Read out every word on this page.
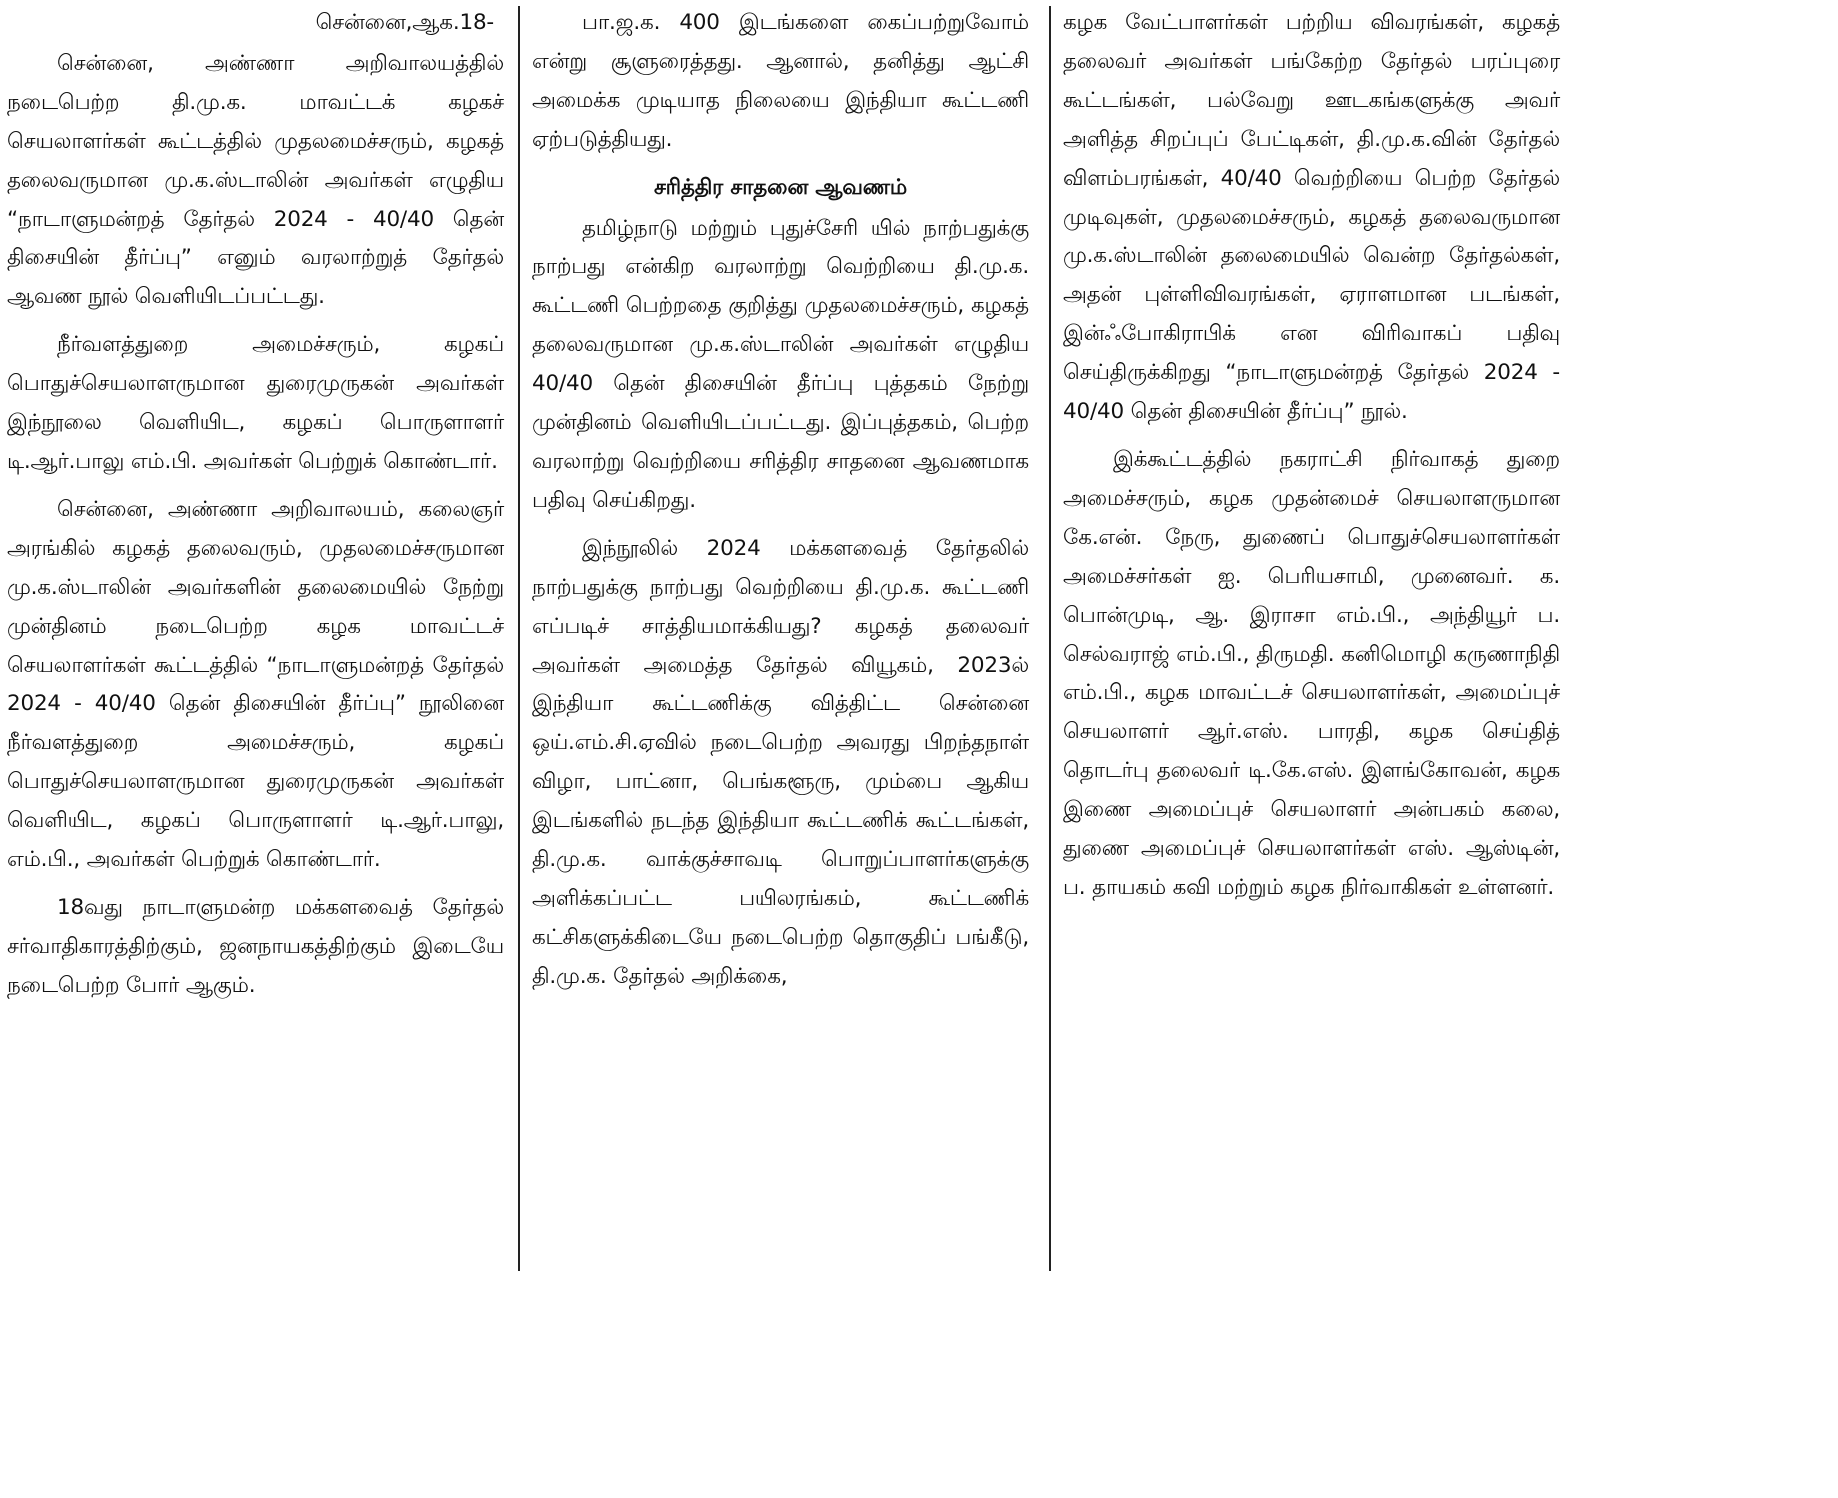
சென்னை,ஆக.18-

சென்னை, அண்ணா அறிவாலயத்தில் நடைபெற்ற தி.மு.க. மாவட்டக் கழகச் செயலாளர்கள் கூட்டத்தில் முதலமைச்சரும், கழகத் தலைவருமான மு.க.ஸ்டாலின் அவர்கள் எழுதிய “நாடாளுமன்றத் தேர்தல் 2024 - 40/40 தென் திசையின் தீர்ப்பு” எனும் வரலாற்றுத் தேர்தல் ஆவண நூல் வெளியிடப்பட்டது.

நீர்வளத்துறை அமைச்சரும், கழகப் பொதுச்செயலாளருமான துரைமுருகன் அவர்கள் இந்நூலை வெளியிட, கழகப் பொருளாளர் டி.ஆர்.பாலு எம்.பி. அவர்கள் பெற்றுக் கொண்டார்.

சென்னை, அண்ணா அறிவாலயம், கலைஞர் அரங்கில் கழகத் தலைவரும், முதலமைச்சருமான மு.க.ஸ்டாலின் அவர்களின் தலைமையில் நேற்று முன்தினம் நடைபெற்ற கழக மாவட்டச் செயலாளர்கள் கூட்டத்தில் “நாடாளுமன்றத் தேர்தல் 2024 - 40/40 தென் திசையின் தீர்ப்பு” நூலினை நீர்வளத்துறை அமைச்சரும், கழகப் பொதுச்செயலாளருமான துரைமுருகன் அவர்கள் வெளியிட, கழகப் பொருளாளர் டி.ஆர்.பாலு, எம்.பி., அவர்கள் பெற்றுக் கொண்டார்.

18வது நாடாளுமன்ற மக்களவைத் தேர்தல் சர்வாதிகாரத்திற்கும், ஜனநாயகத்திற்கும் இடையே நடைபெற்ற போர் ஆகும்.

பா.ஜ.க. 400 இடங்களை கைப்பற்றுவோம் என்று சூளுரைத்தது. ஆனால், தனித்து ஆட்சி அமைக்க முடியாத நிலையை இந்தியா கூட்டணி ஏற்படுத்தியது.

சரித்திர சாதனை ஆவணம்

தமிழ்நாடு மற்றும் புதுச்சேரி யில் நாற்பதுக்கு நாற்பது என்கிற வரலாற்று வெற்றியை தி.மு.க. கூட்டணி பெற்றதை குறித்து முதலமைச்சரும், கழகத் தலைவருமான மு.க.ஸ்டாலின் அவர்கள் எழுதிய 40/40 தென் திசையின் தீர்ப்பு புத்தகம் நேற்று முன்தினம் வெளியிடப்பட்டது. இப்புத்தகம், பெற்ற வரலாற்று வெற்றியை சரித்திர சாதனை ஆவணமாக பதிவு செய்கிறது.

இந்நூலில் 2024 மக்களவைத் தேர்தலில் நாற்பதுக்கு நாற்பது வெற்றியை தி.மு.க. கூட்டணி எப்படிச் சாத்தியமாக்கியது? கழகத் தலைவர் அவர்கள் அமைத்த தேர்தல் வியூகம், 2023ல் இந்தியா கூட்டணிக்கு வித்திட்ட சென்னை ஒய்.எம்.சி.ஏவில் நடைபெற்ற அவரது பிறந்தநாள் விழா, பாட்னா, பெங்களூரு, மும்பை ஆகிய இடங்களில் நடந்த இந்தியா கூட்டணிக் கூட்டங்கள், தி.மு.க. வாக்குச்சாவடி பொறுப்பாளர்களுக்கு அளிக்கப்பட்ட பயிலரங்கம், கூட்டணிக் கட்சிகளுக்கிடையே நடைபெற்ற தொகுதிப் பங்கீடு, தி.மு.க. தேர்தல் அறிக்கை,

கழக வேட்பாளர்கள் பற்றிய விவரங்கள், கழகத் தலைவர் அவர்கள் பங்கேற்ற தேர்தல் பரப்புரை கூட்டங்கள், பல்வேறு ஊடகங்களுக்கு அவர் அளித்த சிறப்புப் பேட்டிகள், தி.மு.க.வின் தேர்தல் விளம்பரங்கள், 40/40 வெற்றியை பெற்ற தேர்தல் முடிவுகள், முதலமைச்சரும், கழகத் தலைவருமான மு.க.ஸ்டாலின் தலைமையில் வென்ற தேர்தல்கள், அதன் புள்ளிவிவரங்கள், ஏராளமான படங்கள், இன்ஃபோகிராபிக் என விரிவாகப் பதிவு செய்திருக்கிறது “நாடாளுமன்றத் தேர்தல் 2024 - 40/40 தென் திசையின் தீர்ப்பு” நூல்.

இக்கூட்டத்தில் நகராட்சி நிர்வாகத் துறை அமைச்சரும், கழக முதன்மைச் செயலாளருமான கே.என். நேரு, துணைப் பொதுச்செயலாளர்கள் அமைச்சர்கள் ஐ. பெரியசாமி, முனைவர். க. பொன்முடி, ஆ. இராசா எம்.பி., அந்தியூர் ப. செல்வராஜ் எம்.பி., திருமதி. கனிமொழி கருணாநிதி எம்.பி., கழக மாவட்டச் செயலாளர்கள், அமைப்புச் செயலாளர் ஆர்.எஸ். பாரதி, கழக செய்தித் தொடர்பு தலைவர் டி.கே.எஸ். இளங்கோவன், கழக இணை அமைப்புச் செயலாளர் அன்பகம் கலை, துணை அமைப்புச் செயலாளர்கள் எஸ். ஆஸ்டின், ப. தாயகம் கவி மற்றும் கழக நிர்வாகிகள் உள்ளனர்.
